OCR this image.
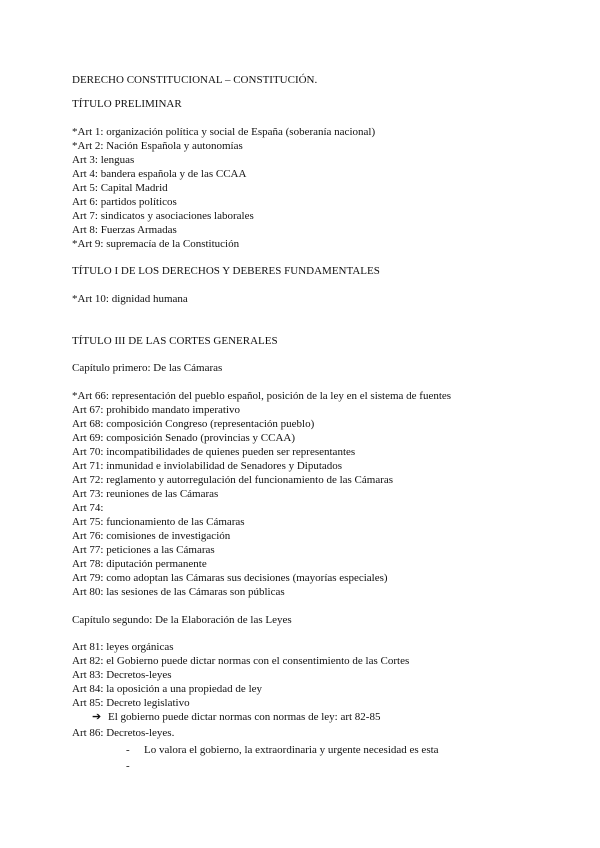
DERECHO CONSTITUCIONAL – CONSTITUCIÓN.
TÍTULO PRELIMINAR
*Art 1: organización política y social de España (soberanía nacional)
*Art 2: Nación Española y autonomías
Art 3: lenguas
Art 4: bandera española y de las CCAA
Art 5: Capital Madrid
Art 6: partidos políticos
Art 7: sindicatos y asociaciones laborales
Art 8: Fuerzas Armadas
*Art 9: supremacía de la Constitución
TÍTULO I DE LOS DERECHOS Y DEBERES FUNDAMENTALES
*Art 10: dignidad humana
TÍTULO III DE LAS CORTES GENERALES
Capítulo primero: De las Cámaras
*Art 66: representación del pueblo español, posición de la ley en el sistema de fuentes
Art 67: prohibido mandato imperativo
Art 68: composición Congreso (representación pueblo)
Art 69: composición Senado (provincias y CCAA)
Art 70: incompatibilidades de quienes pueden ser representantes
Art 71: inmunidad e inviolabilidad de Senadores y Diputados
Art 72: reglamento y autorregulación del funcionamiento de las Cámaras
Art 73: reuniones de las Cámaras
Art 74:
Art 75: funcionamiento de las Cámaras
Art 76: comisiones de investigación
Art 77: peticiones a las Cámaras
Art 78: diputación permanente
Art 79: como adoptan las Cámaras sus decisiones (mayorías especiales)
Art 80: las sesiones de las Cámaras son públicas
Capítulo segundo: De la Elaboración de las Leyes
Art 81: leyes orgánicas
Art 82: el Gobierno puede dictar normas con el consentimiento de las Cortes
Art 83: Decretos-leyes
Art 84: la oposición a una propiedad de ley
Art 85: Decreto legislativo
➔ El gobierno puede dictar normas con normas de ley: art 82-85
Art 86: Decretos-leyes.
- Lo valora el gobierno, la extraordinaria y urgente necesidad es esta
-
